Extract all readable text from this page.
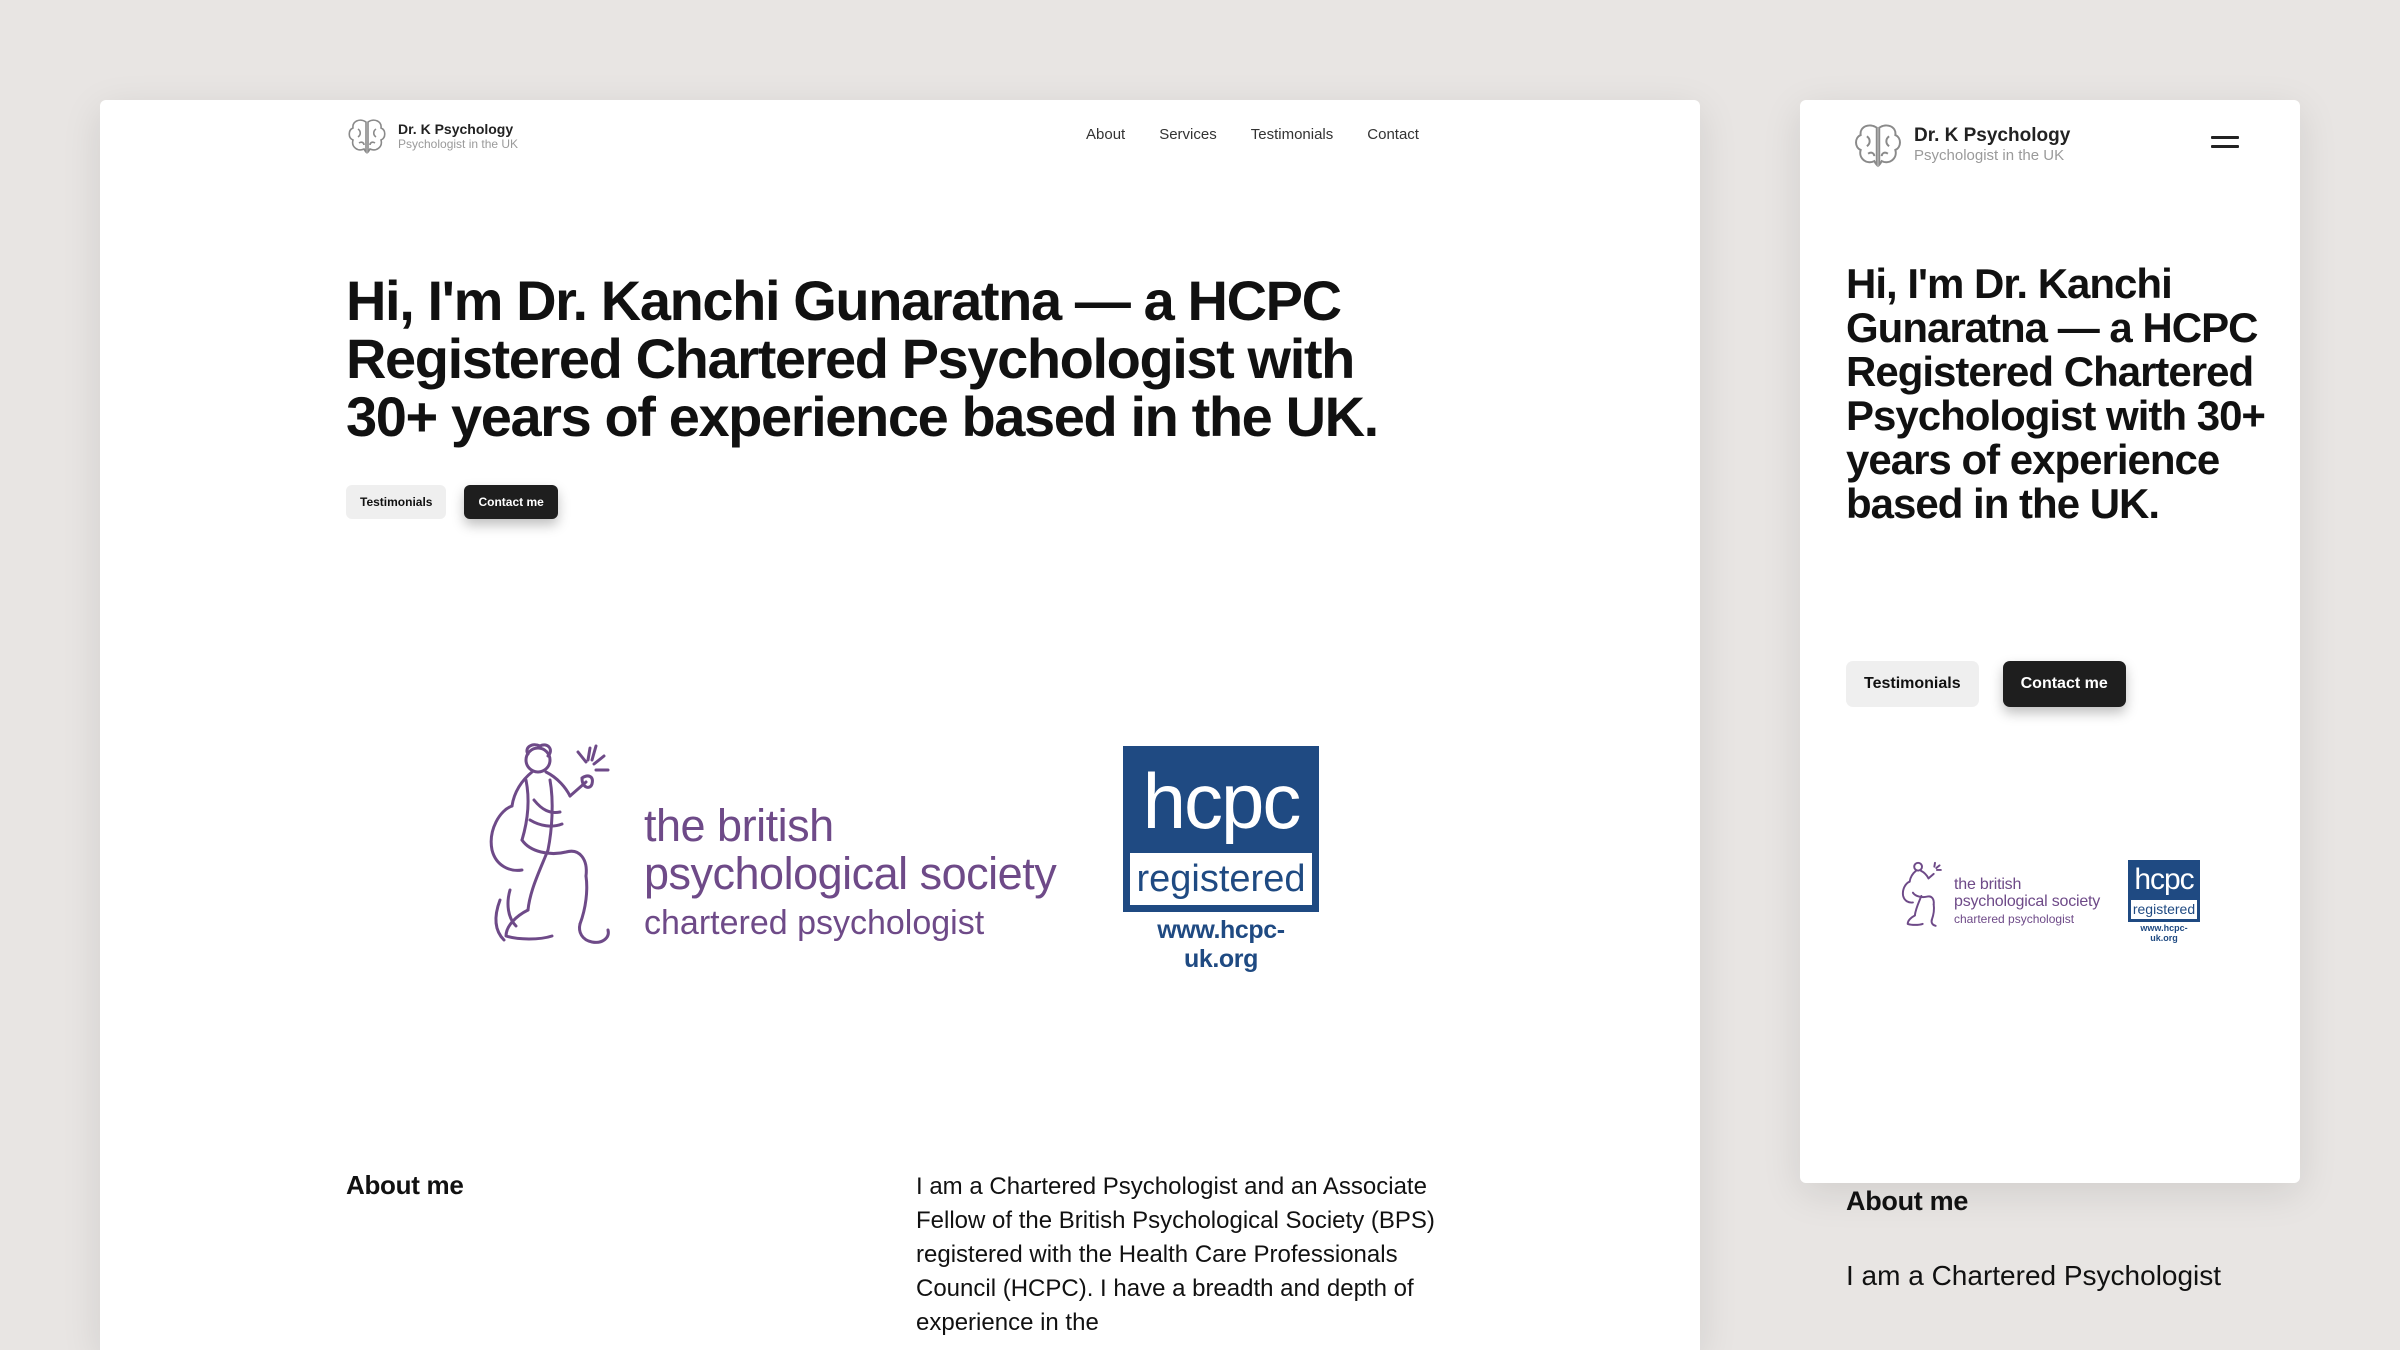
Dr. K Psychology
Psychologist in the UK
About Services Testimonials Contact
Hi, I'm Dr. Kanchi Gunaratna — a HCPC Registered Chartered Psychologist with 30+ years of experience based in the UK.
Testimonials	Contact me
the british
psychological society
chartered psychologist
hcpc
registered
www.hcpc-uk.org
About me	I am a Chartered Psychologist and an Associate Fellow of the British Psychological Society (BPS) registered with the Health Care Professionals Council (HCPC). I have a breadth and depth of experience in the

Dr. K Psychology
Psychologist in the UK
Hi, I'm Dr. Kanchi Gunaratna — a HCPC Registered Chartered Psychologist with 30+ years of experience based in the UK.
Testimonials	Contact me
the british
psychological society
chartered psychologist
hcpc
registered
www.hcpc-uk.org
About me

I am a Chartered Psychologist
